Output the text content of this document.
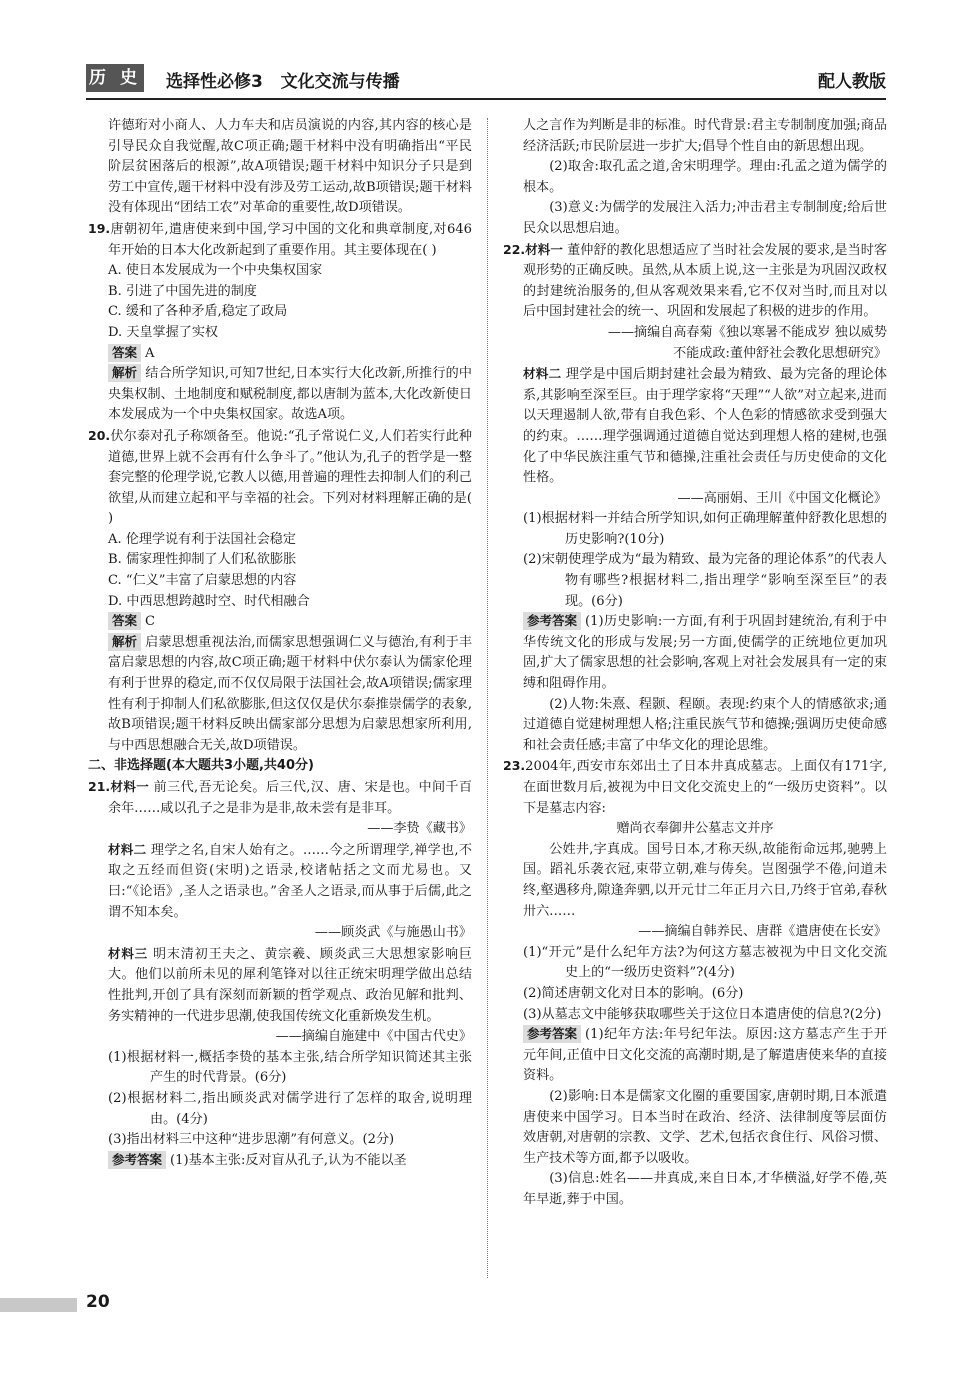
历 史 选择性必修3   文化交流与传播	配人教版

许德珩对小商人、人力车夫和店员演说的内容,其内容的核心是引导民众自我觉醒,故C项正确;题干材料中没有明确指出“平民阶层贫困落后的根源”,故A项错误;题干材料中知识分子只是到劳工中宣传,题干材料中没有涉及劳工运动,故B项错误;题干材料没有体现出“团结工农”对革命的重要性,故D项错误。

19.唐朝初年,遣唐使来到中国,学习中国的文化和典章制度,对646年开始的日本大化改新起到了重要作用。其主要体现在( )

A. 使日本发展成为一个中央集权国家

B. 引进了中国先进的制度

C. 缓和了各种矛盾,稳定了政局

D. 天皇掌握了实权

答案 A

解析 结合所学知识,可知7世纪,日本实行大化改新,所推行的中央集权制、土地制度和赋税制度,都以唐制为蓝本,大化改新使日本发展成为一个中央集权国家。故选A项。

20.伏尔泰对孔子称颂备至。他说:“孔子常说仁义,人们若实行此种道德,世界上就不会再有什么争斗了。”他认为,孔子的哲学是一整套完整的伦理学说,它教人以德,用普遍的理性去抑制人们的利己欲望,从而建立起和平与幸福的社会。下列对材料理解正确的是( )

A. 伦理学说有利于法国社会稳定

B. 儒家理性抑制了人们私欲膨胀

C. “仁义”丰富了启蒙思想的内容

D. 中西思想跨越时空、时代相融合

答案 C

解析 启蒙思想重视法治,而儒家思想强调仁义与德治,有利于丰富启蒙思想的内容,故C项正确;题干材料中伏尔泰认为儒家伦理有利于世界的稳定,而不仅仅局限于法国社会,故A项错误;儒家理性有利于抑制人们私欲膨胀,但这仅仅是伏尔泰推崇儒学的表象,故B项错误;题干材料反映出儒家部分思想为启蒙思想家所利用,与中西思想融合无关,故D项错误。

二、非选择题(本大题共3小题,共40分)

21.材料一 前三代,吾无论矣。后三代,汉、唐、宋是也。中间千百余年……咸以孔子之是非为是非,故未尝有是非耳。

——李贽《藏书》

材料二 理学之名,自宋人始有之。……今之所谓理学,禅学也,不取之五经而但资(宋明)之语录,校诸帖括之文而尤易也。又曰:“《论语》,圣人之语录也。”舍圣人之语录,而从事于后儒,此之谓不知本矣。

——顾炎武《与施愚山书》

材料三 明末清初王夫之、黄宗羲、顾炎武三大思想家影响巨大。他们以前所未见的犀利笔锋对以往正统宋明理学做出总结性批判,开创了具有深刻而新颖的哲学观点、政治见解和批判、务实精神的一代进步思潮,使我国传统文化重新焕发生机。

——摘编自施建中《中国古代史》

(1)根据材料一,概括李贽的基本主张,结合所学知识简述其主张产生的时代背景。(6分)

(2)根据材料二,指出顾炎武对儒学进行了怎样的取舍,说明理由。(4分)

(3)指出材料三中这种“进步思潮”有何意义。(2分)

参考答案 (1)基本主张:反对盲从孔子,认为不能以圣

人之言作为判断是非的标准。时代背景:君主专制制度加强;商品经济活跃;市民阶层进一步扩大;倡导个性自由的新思想出现。

(2)取舍:取孔孟之道,舍宋明理学。理由:孔孟之道为儒学的根本。

(3)意义:为儒学的发展注入活力;冲击君主专制制度;给后世民众以思想启迪。

22.材料一 董仲舒的教化思想适应了当时社会发展的要求,是当时客观形势的正确反映。虽然,从本质上说,这一主张是为巩固汉政权的封建统治服务的,但从客观效果来看,它不仅对当时,而且对以后中国封建社会的统一、巩固和发展起了积极的进步的作用。

——摘编自高春菊《独以寒暑不能成岁 独以威势

不能成政:董仲舒社会教化思想研究》

材料二 理学是中国后期封建社会最为精致、最为完备的理论体系,其影响至深至巨。由于理学家将“天理”“人欲”对立起来,进而以天理遏制人欲,带有自我色彩、个人色彩的情感欲求受到强大的约束。……理学强调通过道德自觉达到理想人格的建树,也强化了中华民族注重气节和德操,注重社会责任与历史使命的文化性格。

——高丽娟、王川《中国文化概论》

(1)根据材料一并结合所学知识,如何正确理解董仲舒教化思想的历史影响?(10分)

(2)宋朝使理学成为“最为精致、最为完备的理论体系”的代表人物有哪些?根据材料二,指出理学“影响至深至巨”的表现。(6分)

参考答案 (1)历史影响:一方面,有利于巩固封建统治,有利于中华传统文化的形成与发展;另一方面,使儒学的正统地位更加巩固,扩大了儒家思想的社会影响,客观上对社会发展具有一定的束缚和阻碍作用。

(2)人物:朱熹、程颢、程颐。表现:约束个人的情感欲求;通过道德自觉建树理想人格;注重民族气节和德操;强调历史使命感和社会责任感;丰富了中华文化的理论思维。

23.2004年,西安市东郊出土了日本井真成墓志。上面仅有171字,在面世数月后,被视为中日文化交流史上的“一级历史资料”。以下是墓志内容:

赠尚衣奉御井公墓志文并序

公姓井,字真成。国号日本,才称天纵,故能衔命远邦,驰骋上国。蹈礼乐袭衣冠,束带立朝,难与俦矣。岂图强学不倦,问道未终,壑遇移舟,隙逢奔驷,以开元廿二年正月六日,乃终于官弟,春秋卅六……

——摘编自韩养民、唐群《遣唐使在长安》

(1)“开元”是什么纪年方法?为何这方墓志被视为中日文化交流史上的“一级历史资料”?(4分)

(2)简述唐朝文化对日本的影响。(6分)

(3)从墓志文中能够获取哪些关于这位日本遣唐使的信息?(2分)

参考答案 (1)纪年方法:年号纪年法。原因:这方墓志产生于开元年间,正值中日文化交流的高潮时期,是了解遣唐使来华的直接资料。

(2)影响:日本是儒家文化圈的重要国家,唐朝时期,日本派遣唐使来中国学习。日本当时在政治、经济、法律制度等层面仿效唐朝,对唐朝的宗教、文学、艺术,包括衣食住行、风俗习惯、生产技术等方面,都予以吸收。

(3)信息:姓名——井真成,来自日本,才华横溢,好学不倦,英年早逝,葬于中国。

20
